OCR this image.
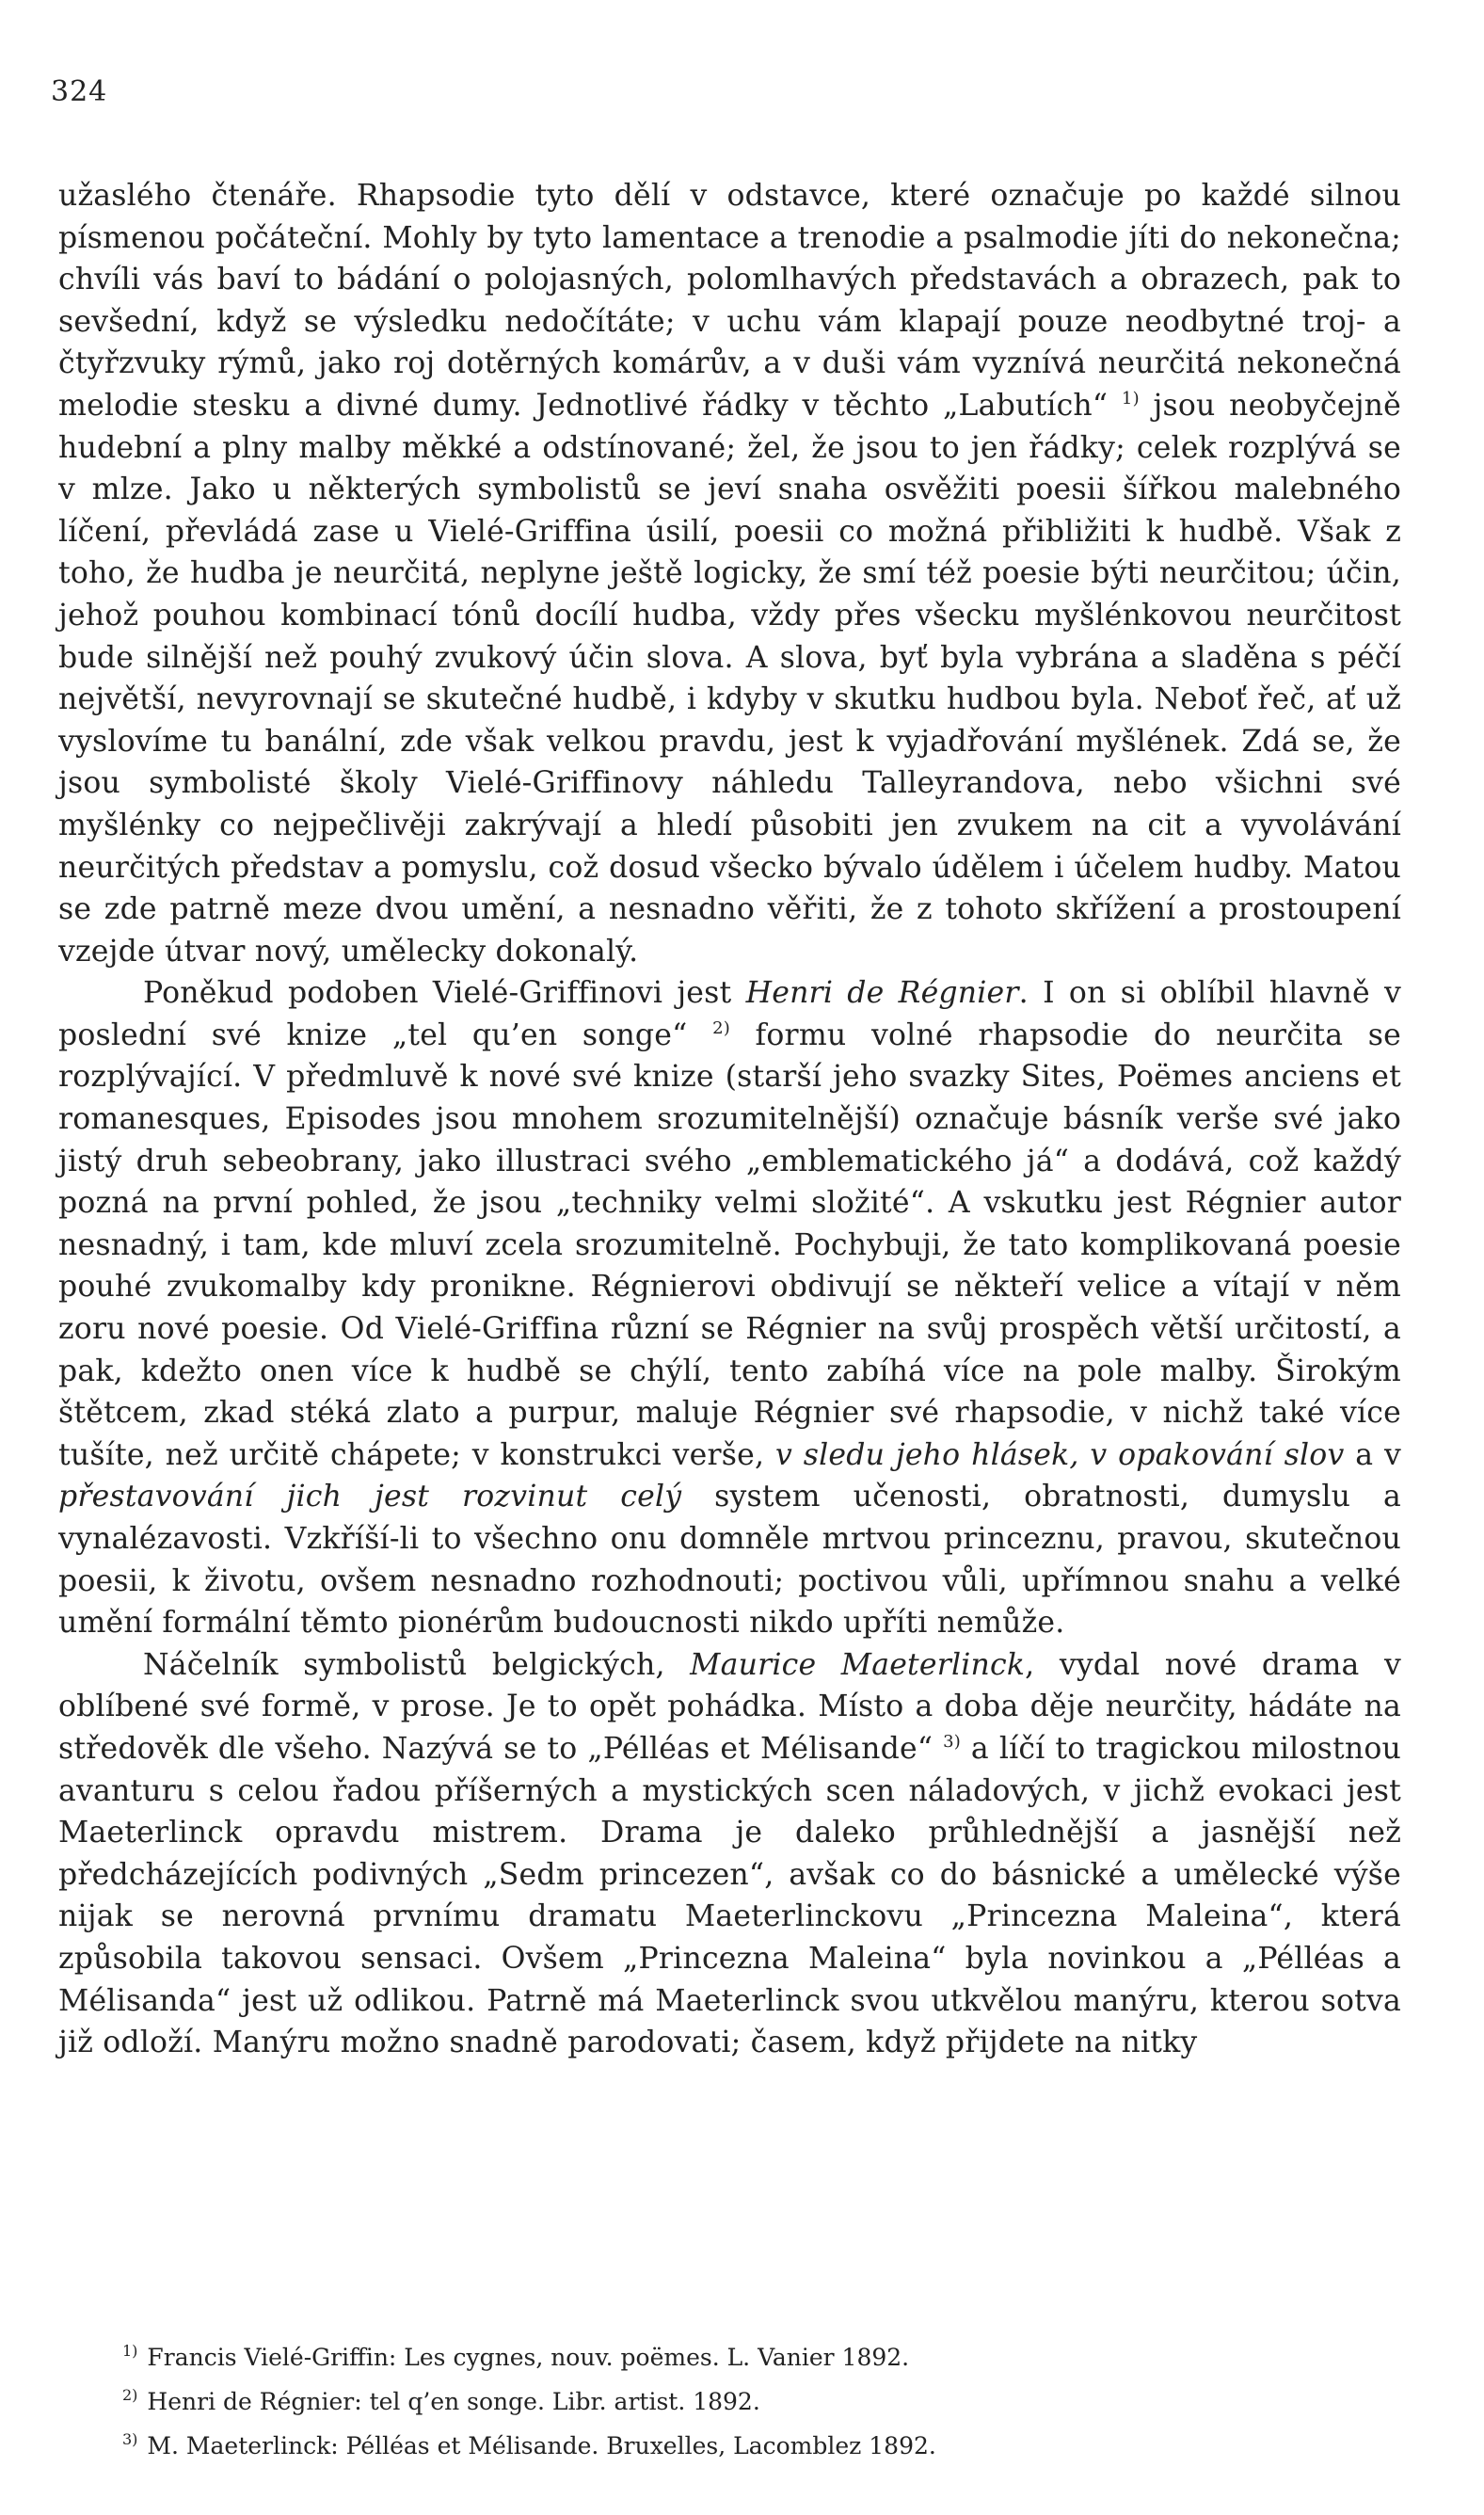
324

užaslého čtenáře. Rhapsodie tyto dělí v odstavce, které označuje po každé silnou písmenou počáteční. Mohly by tyto lamentace a trenodie a psalmodie jíti do nekonečna; chvíli vás baví to bádání o polojasných, polomlhavých představách a obrazech, pak to sevšední, když se výsledku nedočítáte; v uchu vám klapají pouze neodbytné troj- a čtyřzvuky rýmů, jako roj dotěrných komárův, a v duši vám vyznívá neurčitá nekonečná melodie stesku a divné dumy. Jednotlivé řádky v těchto „Labutích“ $^{1)}$ jsou neobyčejně hudební a plny malby měkké a odstínované; žel, že jsou to jen řádky; celek rozplývá se v mlze. Jako u některých symbolistů se jeví snaha osvěžiti poesii šířkou malebného líčení, převládá zase u Vielé-Griffina úsilí, poesii co možná přibližiti k hudbě. Však z toho, že hudba je neurčitá, neplyne ještě logicky, že smí též poesie býti neurčitou; účin, jehož pouhou kombinací tónů docílí hudba, vždy přes všecku myšlénkovou neurčitost bude silnější než pouhý zvukový účin slova. A slova, byť byla vybrána a sladěna s péčí největší, nevyrovnají se skutečné hudbě, i kdyby v skutku hudbou byla. Neboť řeč, ať už vyslovíme tu banální, zde však velkou pravdu, jest k vyjadřování myšlének. Zdá se, že jsou symbolisté školy Vielé-Griffinovy náhledu Talleyrandova, nebo všichni své myšlénky co nejpečlivěji zakrývají a hledí působiti jen zvukem na cit a vyvolávání neurčitých představ a pomyslu, což dosud všecko bývalo údělem i účelem hudby. Matou se zde patrně meze dvou umění, a nesnadno věřiti, že z tohoto skřížení a prostoupení vzejde útvar nový, umělecky dokonalý.

Poněkud podoben Vielé-Griffinovi jest Henri de Régnier. I on si oblíbil hlavně v poslední své knize „tel qu’en songe“ $^{2)}$ formu volné rhapsodie do neurčita se rozplývající. V předmluvě k nové své knize (starší jeho svazky Sites, Poëmes anciens et romanesques, Episodes jsou mnohem srozumitelnější) označuje básník verše své jako jistý druh sebeobrany, jako illustraci svého „emblematického já“ a dodává, což každý pozná na první pohled, že jsou „techniky velmi složité“. A vskutku jest Régnier autor nesnadný, i tam, kde mluví zcela srozumitelně. Pochybuji, že tato komplikovaná poesie pouhé zvukomalby kdy pronikne. Régnierovi obdivují se někteří velice a vítají v něm zoru nové poesie. Od Vielé-Griffina různí se Régnier na svůj prospěch větší určitostí, a pak, kdežto onen více k hudbě se chýlí, tento zabíhá více na pole malby. Širokým štětcem, zkad stéká zlato a purpur, maluje Régnier své rhapsodie, v nichž také více tušíte, než určitě chápete; v konstrukci verše, v sledu jeho hlásek, v opakování slov a v přestavování jich jest rozvinut celý system učenosti, obratnosti, dumyslu a vynalézavosti. Vzkříší-li to všechno onu domněle mrtvou princeznu, pravou, skutečnou poesii, k životu, ovšem nesnadno rozhodnouti; poctivou vůli, upřímnou snahu a velké umění formální těmto pionérům budoucnosti nikdo upříti nemůže.

Náčelník symbolistů belgických, Maurice Maeterlinck, vydal nové drama v oblíbené své formě, v prose. Je to opět pohádka. Místo a doba děje neurčity, hádáte na středověk dle všeho. Nazývá se to „Pélléas et Mélisande“ $^{3)}$ a líčí to tragickou milostnou avanturu s celou řadou příšerných a mystických scen náladových, v jichž evokaci jest Maeterlinck opravdu mistrem. Drama je daleko průhlednější a jasnější než předcházejících podivných „Sedm princezen“, avšak co do básnické a umělecké výše nijak se nerovná prvnímu dramatu Maeterlinckovu „Princezna Maleina“, která způsobila takovou sensaci. Ovšem „Princezna Maleina“ byla novinkou a „Pélléas a Mélisanda“ jest už odlikou. Patrně má Maeterlinck svou utkvělou manýru, kterou sotva již odloží. Manýru možno snadně parodovati; časem, když přijdete na nitky

$^{1)}$ Francis Vielé-Griffin: Les cygnes, nouv. poëmes. L. Vanier 1892.
$^{2)}$ Henri de Régnier: tel q’en songe. Libr. artist. 1892.
$^{3)}$ M. Maeterlinck: Pélléas et Mélisande. Bruxelles, Lacomblez 1892.
